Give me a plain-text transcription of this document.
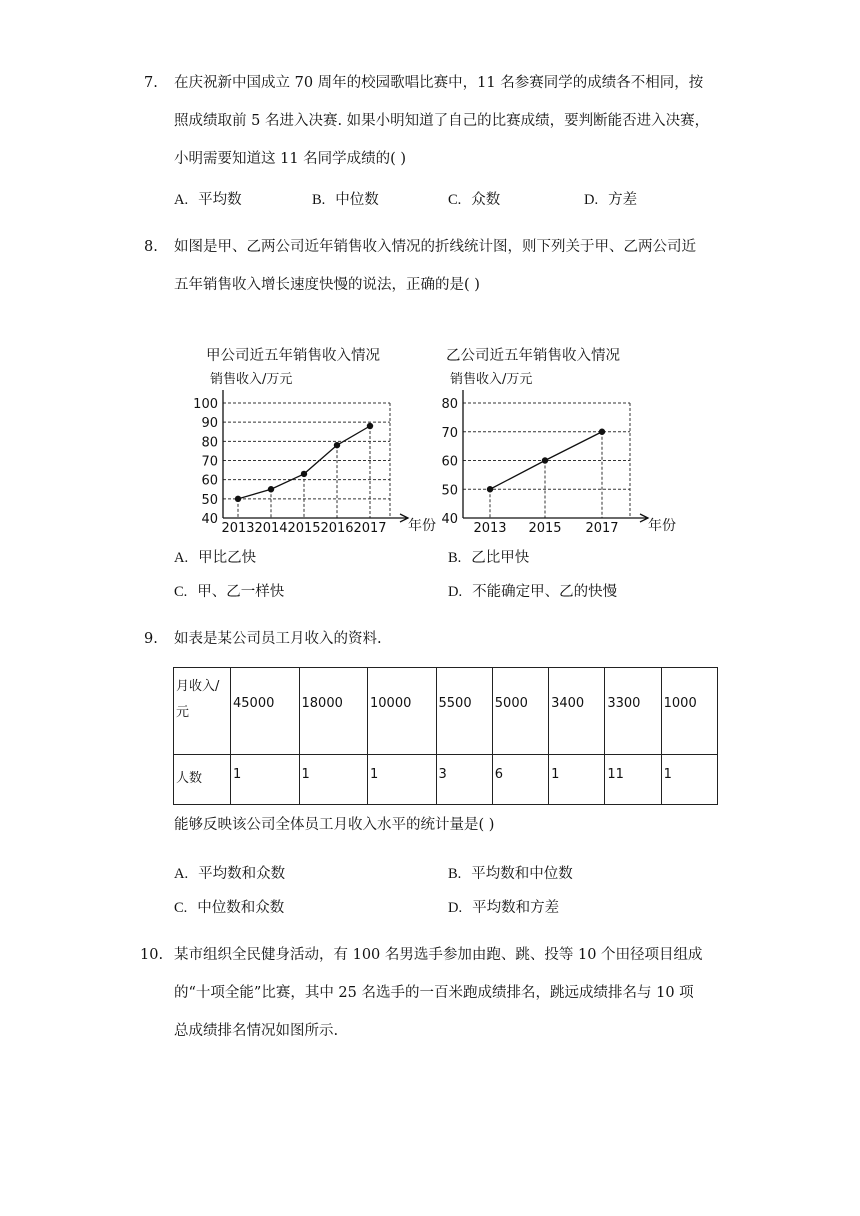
7.	在庆祝新中国成立 70 周年的校园歌唱比赛中，11 名参赛同学的成绩各不相同，按
照成绩取前 5 名进入决赛. 如果小明知道了自己的比赛成绩，要判断能否进入决赛，
小明需要知道这 11 名同学成绩的( )
A. 平均数	B. 中位数	C. 众数	D. 方差
8.	如图是甲、乙两公司近年销售收入情况的折线统计图，则下列关于甲、乙两公司近
五年销售收入增长速度快慢的说法，正确的是( )
甲公司近五年销售收入情况
销售收入/万元
年份
40
50
60
70
80
90
100
2013 2014 2015 2016 2017
乙公司近五年销售收入情况
销售收入/万元
年份
40
50
60
70
80
2013 2015 2017
A. 甲比乙快	B. 乙比甲快
C. 甲、乙一样快	D. 不能确定甲、乙的快慢
9.	如表是某公司员工月收入的资料.
月收入/
元	45000	18000	10000	5500	5000	3400	3300	1000
人数	1	1	1	3	6	1	11	1
能够反映该公司全体员工月收入水平的统计量是( )
A. 平均数和众数	B. 平均数和中位数
C. 中位数和众数	D. 平均数和方差
10. 某市组织全民健身活动，有 100 名男选手参加由跑、跳、投等 10 个田径项目组成
的“十项全能”比赛，其中 25 名选手的一百米跑成绩排名，跳远成绩排名与 10 项
总成绩排名情况如图所示.
